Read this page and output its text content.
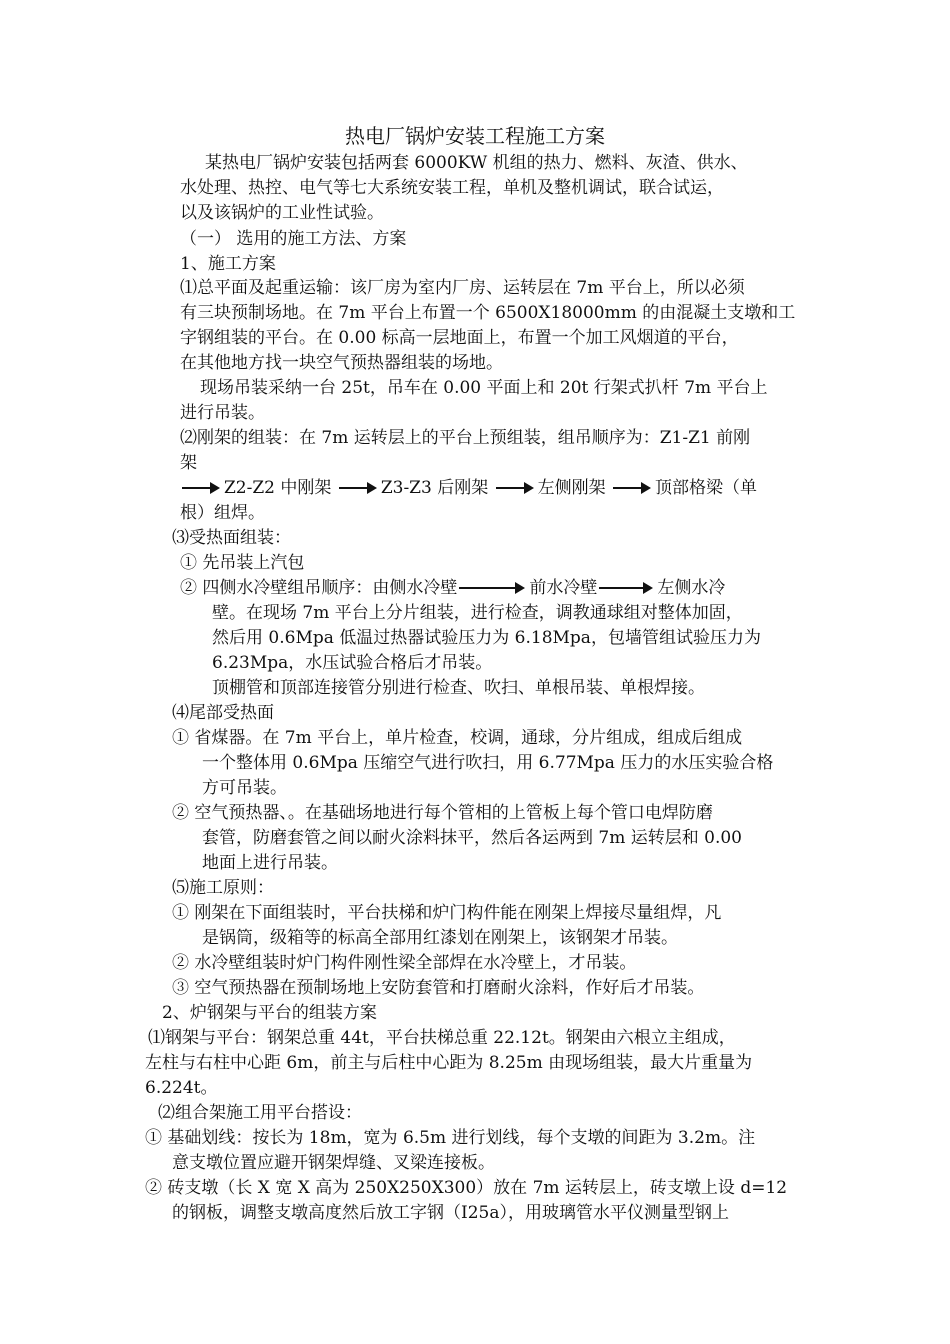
热电厂锅炉安装工程施工方案
某热电厂锅炉安装包括两套 6000KW 机组的热力、燃料、灰渣、供水、
水处理、热控、电气等七大系统安装工程，单机及整机调试，联合试运，
以及该锅炉的工业性试验。
（一） 选用的施工方法、方案
1、施工方案
⑴总平面及起重运输：该厂房为室内厂房、运转层在 7m 平台上，所以必须
有三块预制场地。在 7m 平台上布置一个 6500X18000mm 的由混凝土支墩和工
字钢组装的平台。在 0.00 标高一层地面上，布置一个加工风烟道的平台，
在其他地方找一块空气预热器组装的场地。
现场吊装采纳一台 25t，吊车在 0.00 平面上和 20t 行架式扒杆 7m 平台上
进行吊装。
⑵刚架的组装：在 7m 运转层上的平台上预组装，组吊顺序为：Z1-Z1 前刚
架
Z2-Z2 中刚架	Z3-Z3 后刚架	左侧刚架	顶部格梁（单
根）组焊。
⑶受热面组装：
① 先吊装上汽包
② 四侧水冷壁组吊顺序：由侧水冷壁	前水冷壁	左侧水冷
壁。在现场 7m 平台上分片组装，进行检查，调教通球组对整体加固，
然后用 0.6Mpa 低温过热器试验压力为 6.18Mpa，包墙管组试验压力为
6.23Mpa，水压试验合格后才吊装。
顶棚管和顶部连接管分别进行检查、吹扫、单根吊装、单根焊接。
⑷尾部受热面
① 省煤器。在 7m 平台上，单片检查，校调，通球，分片组成，组成后组成
一个整体用 0.6Mpa 压缩空气进行吹扫，用 6.77Mpa 压力的水压实验合格
方可吊装。
② 空气预热器、。在基础场地进行每个管相的上管板上每个管口电焊防磨
套管，防磨套管之间以耐火涂料抹平，然后各运两到 7m 运转层和 0.00
地面上进行吊装。
⑸施工原则：
① 刚架在下面组装时，平台扶梯和炉门构件能在刚架上焊接尽量组焊，凡
是锅筒，级箱等的标高全部用红漆划在刚架上，该钢架才吊装。
② 水冷壁组装时炉门构件刚性梁全部焊在水冷壁上，才吊装。
③ 空气预热器在预制场地上安防套管和打磨耐火涂料，作好后才吊装。
2、炉钢架与平台的组装方案
⑴钢架与平台：钢架总重 44t，平台扶梯总重 22.12t。钢架由六根立主组成，
左柱与右柱中心距 6m，前主与后柱中心距为 8.25m 由现场组装，最大片重量为
6.224t。
⑵组合架施工用平台搭设：
① 基础划线：按长为 18m，宽为 6.5m 进行划线，每个支墩的间距为 3.2m。注
意支墩位置应避开钢架焊缝、叉梁连接板。
② 砖支墩（长 X 宽 X 高为 250X250X300）放在 7m 运转层上，砖支墩上设 d=12
的钢板，调整支墩高度然后放工字钢（I25a），用玻璃管水平仪测量型钢上
